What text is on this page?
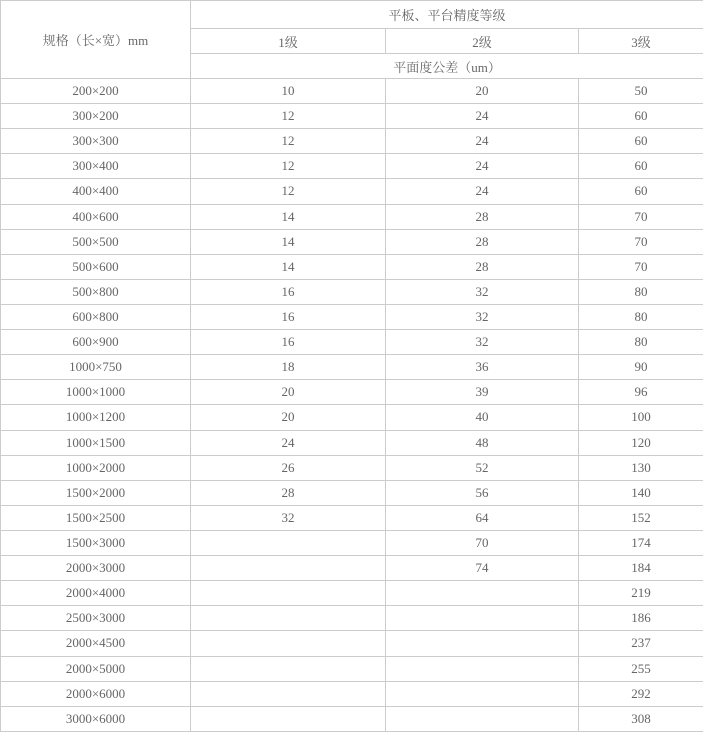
规格（长×宽）mm	平板、平台精度等级		
	1级	2级	3级
	平面度公差（um）		
200×200	10	20	50
300×200	12	24	60
300×300	12	24	60
300×400	12	24	60
400×400	12	24	60
400×600	14	28	70
500×500	14	28	70
500×600	14	28	70
500×800	16	32	80
600×800	16	32	80
600×900	16	32	80
1000×750	18	36	90
1000×1000	20	39	96
1000×1200	20	40	100
1000×1500	24	48	120
1000×2000	26	52	130
1500×2000	28	56	140
1500×2500	32	64	152
1500×3000		70	174
2000×3000		74	184
2000×4000			219
2500×3000			186
2000×4500			237
2000×5000			255
2000×6000			292
3000×6000			308
